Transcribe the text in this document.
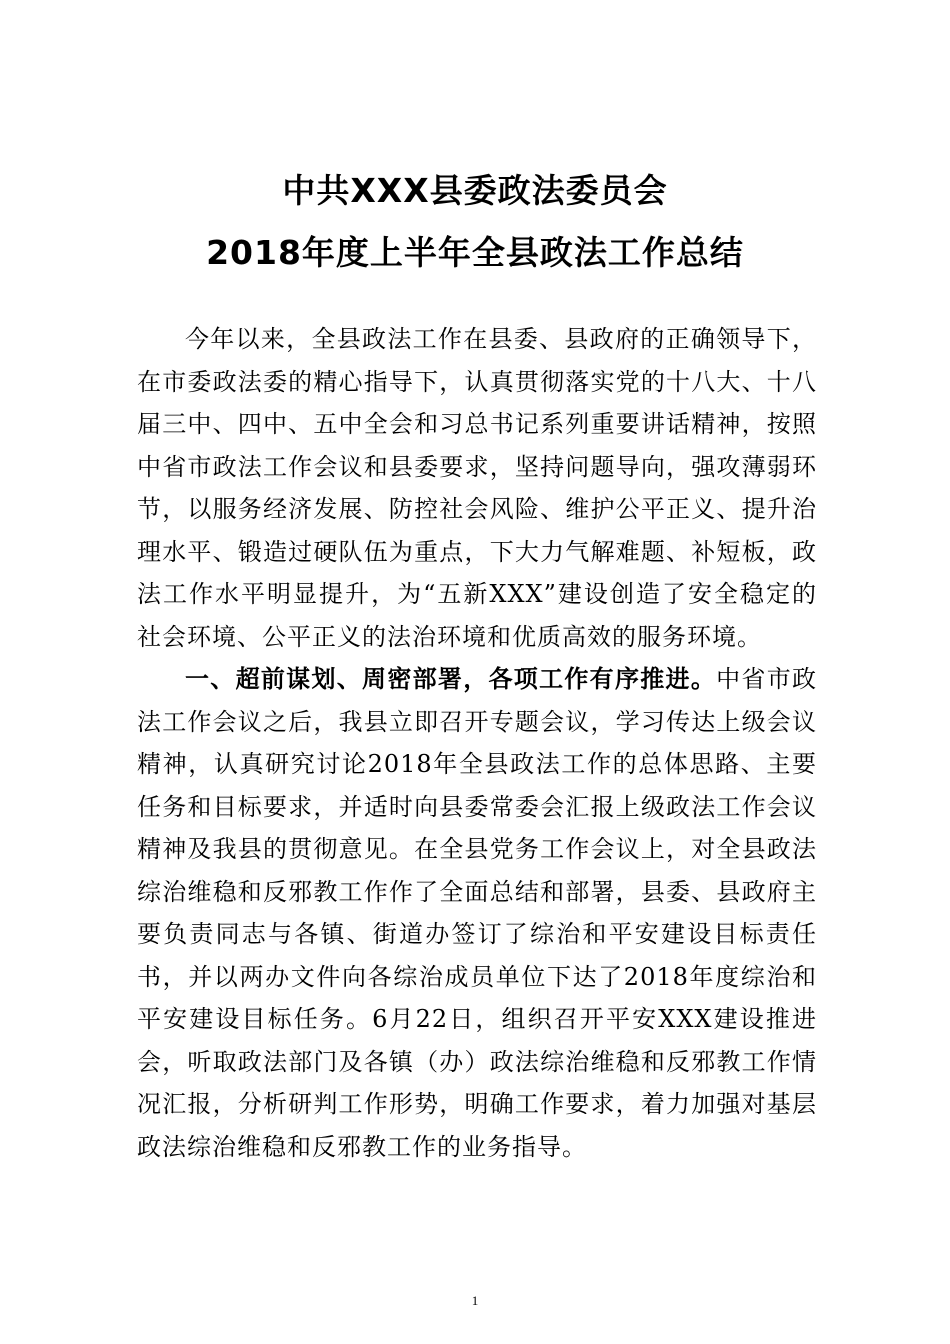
中共XXX县委政法委员会
2018年度上半年全县政法工作总结

今年以来，全县政法工作在县委、县政府的正确领导下，在市委政法委的精心指导下，认真贯彻落实党的十八大、十八届三中、四中、五中全会和习总书记系列重要讲话精神，按照中省市政法工作会议和县委要求，坚持问题导向，强攻薄弱环节，以服务经济发展、防控社会风险、维护公平正义、提升治理水平、锻造过硬队伍为重点，下大力气解难题、补短板，政法工作水平明显提升，为“五新XXX”建设创造了安全稳定的社会环境、公平正义的法治环境和优质高效的服务环境。

一、超前谋划、周密部署，各项工作有序推进。中省市政法工作会议之后，我县立即召开专题会议，学习传达上级会议精神，认真研究讨论2018年全县政法工作的总体思路、主要任务和目标要求，并适时向县委常委会汇报上级政法工作会议精神及我县的贯彻意见。在全县党务工作会议上，对全县政法综治维稳和反邪教工作作了全面总结和部署，县委、县政府主要负责同志与各镇、街道办签订了综治和平安建设目标责任书，并以两办文件向各综治成员单位下达了2018年度综治和平安建设目标任务。6月22日，组织召开平安XXX建设推进会，听取政法部门及各镇（办）政法综治维稳和反邪教工作情况汇报，分析研判工作形势，明确工作要求，着力加强对基层政法综治维稳和反邪教工作的业务指导。

1
